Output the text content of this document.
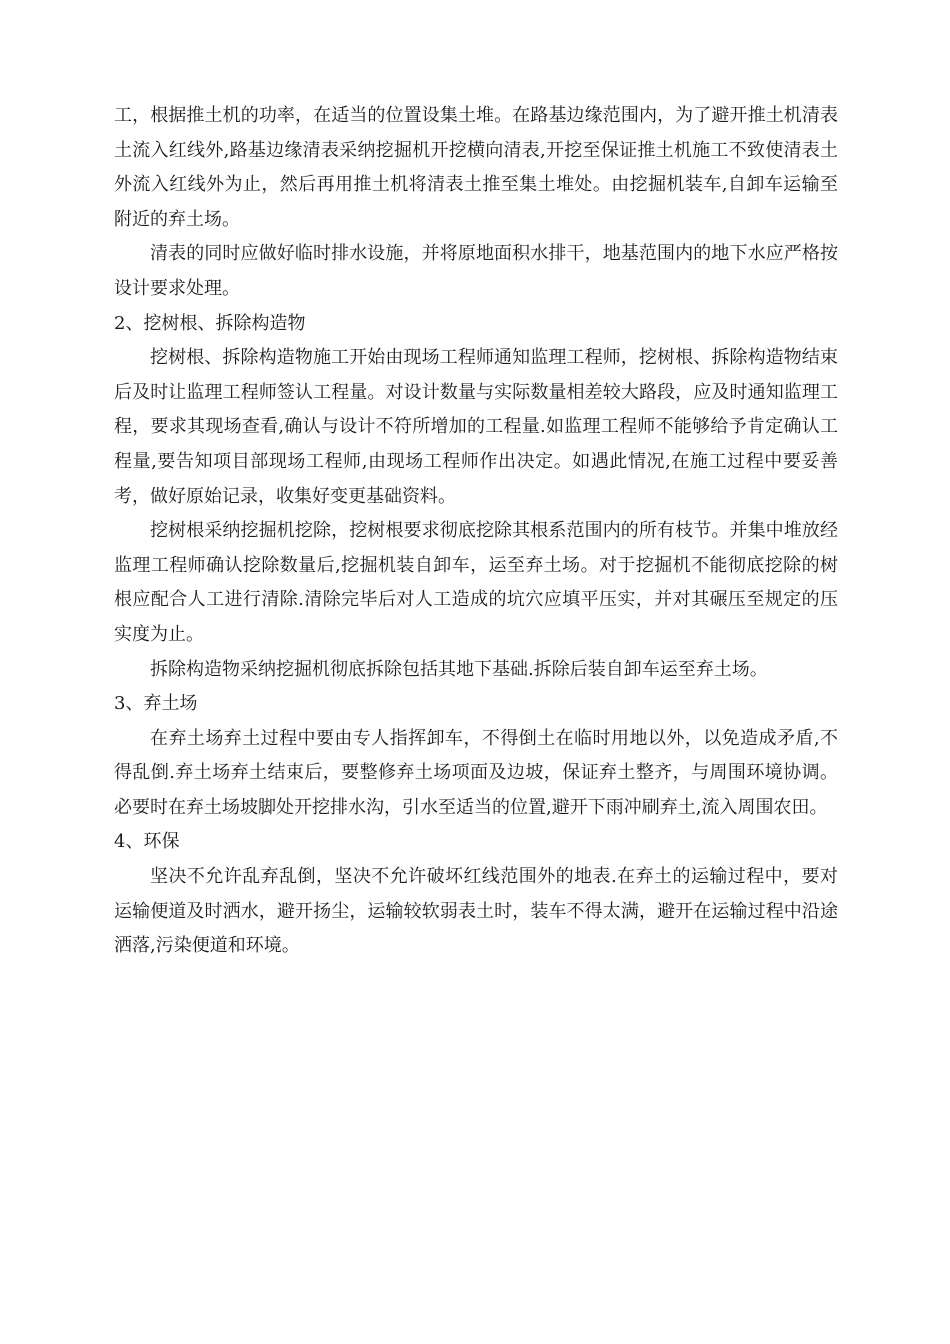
工，根据推土机的功率，在适当的位置设集土堆。在路基边缘范围内，为了避开推土机清表土流入红线外,路基边缘清表采纳挖掘机开挖横向清表,开挖至保证推土机施工不致使清表土外流入红线外为止，然后再用推土机将清表土推至集土堆处。由挖掘机装车,自卸车运输至附近的弃土场。

清表的同时应做好临时排水设施，并将原地面积水排干，地基范围内的地下水应严格按设计要求处理。

2、挖树根、拆除构造物

挖树根、拆除构造物施工开始由现场工程师通知监理工程师，挖树根、拆除构造物结束后及时让监理工程师签认工程量。对设计数量与实际数量相差较大路段，应及时通知监理工程，要求其现场查看,确认与设计不符所增加的工程量.如监理工程师不能够给予肯定确认工程量,要告知项目部现场工程师,由现场工程师作出决定。如遇此情况,在施工过程中要妥善考，做好原始记录，收集好变更基础资料。

挖树根采纳挖掘机挖除，挖树根要求彻底挖除其根系范围内的所有枝节。并集中堆放经监理工程师确认挖除数量后,挖掘机装自卸车，运至弃土场。对于挖掘机不能彻底挖除的树根应配合人工进行清除.清除完毕后对人工造成的坑穴应填平压实，并对其碾压至规定的压实度为止。

拆除构造物采纳挖掘机彻底拆除包括其地下基础.拆除后装自卸车运至弃土场。

3、弃土场

在弃土场弃土过程中要由专人指挥卸车，不得倒土在临时用地以外，以免造成矛盾,不得乱倒.弃土场弃土结束后，要整修弃土场项面及边坡，保证弃土整齐，与周围环境协调。必要时在弃土场坡脚处开挖排水沟，引水至适当的位置,避开下雨冲刷弃土,流入周围农田。

4、环保

坚决不允许乱弃乱倒，坚决不允许破坏红线范围外的地表.在弃土的运输过程中，要对运输便道及时洒水，避开扬尘，运输较软弱表土时，装车不得太满，避开在运输过程中沿途洒落,污染便道和环境。
